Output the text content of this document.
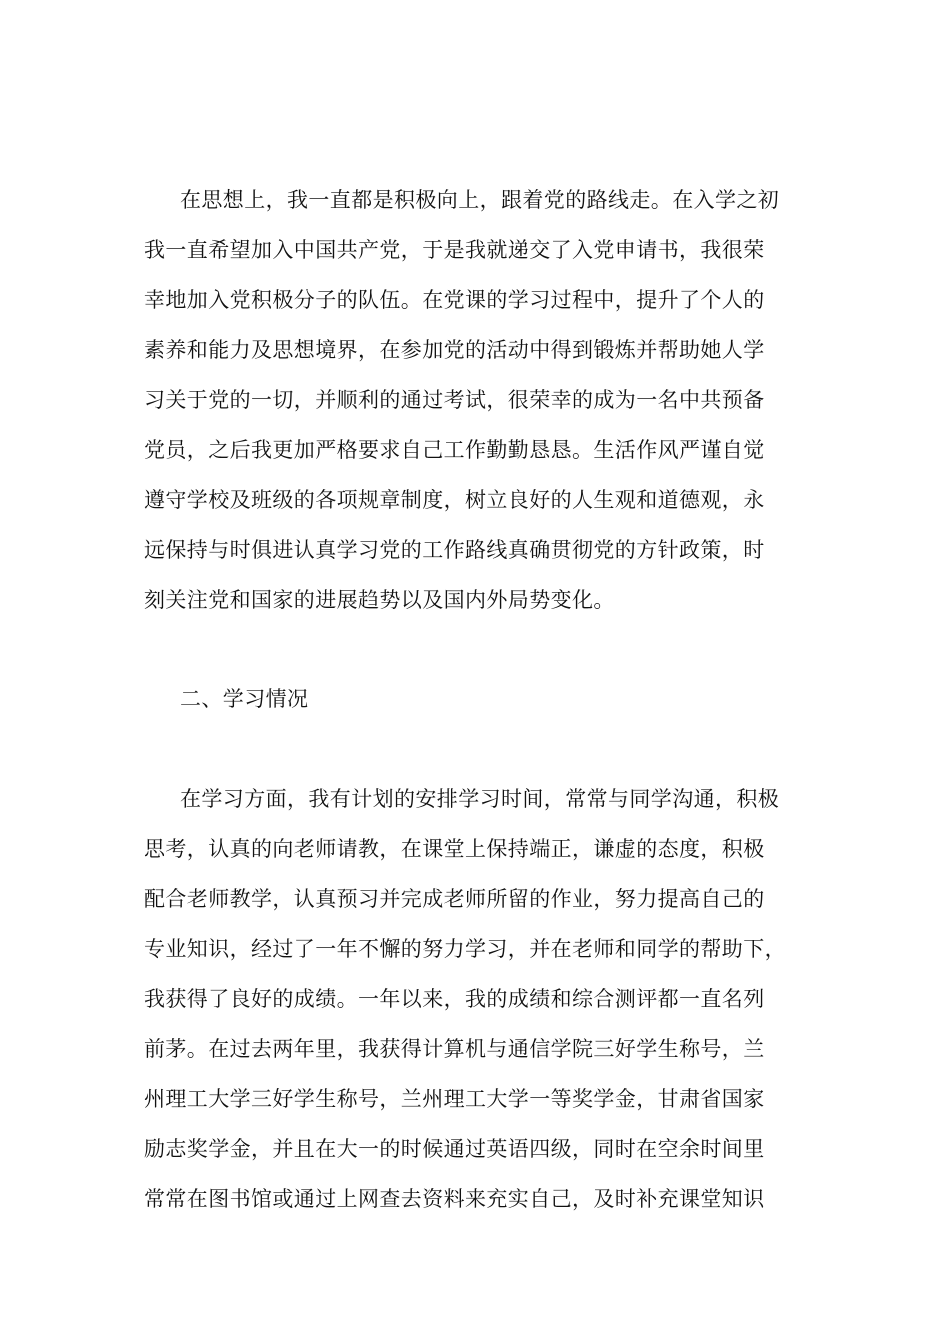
在思想上，我一直都是积极向上，跟着党的路线走。在入学之初
我一直希望加入中国共产党，于是我就递交了入党申请书，我很荣
幸地加入党积极分子的队伍。在党课的学习过程中，提升了个人的
素养和能力及思想境界，在参加党的活动中得到锻炼并帮助她人学
习关于党的一切，并顺利的通过考试，很荣幸的成为一名中共预备
党员，之后我更加严格要求自己工作勤勤恳恳。生活作风严谨自觉
遵守学校及班级的各项规章制度，树立良好的人生观和道德观，永
远保持与时俱进认真学习党的工作路线真确贯彻党的方针政策，时
刻关注党和国家的进展趋势以及国内外局势变化。
二、学习情况
在学习方面，我有计划的安排学习时间，常常与同学沟通，积极
思考，认真的向老师请教，在课堂上保持端正，谦虚的态度，积极
配合老师教学，认真预习并完成老师所留的作业，努力提高自己的
专业知识，经过了一年不懈的努力学习，并在老师和同学的帮助下，
我获得了良好的成绩。一年以来，我的成绩和综合测评都一直名列
前茅。在过去两年里，我获得计算机与通信学院三好学生称号，兰
州理工大学三好学生称号，兰州理工大学一等奖学金，甘肃省国家
励志奖学金，并且在大一的时候通过英语四级，同时在空余时间里
常常在图书馆或通过上网查去资料来充实自己，及时补充课堂知识
